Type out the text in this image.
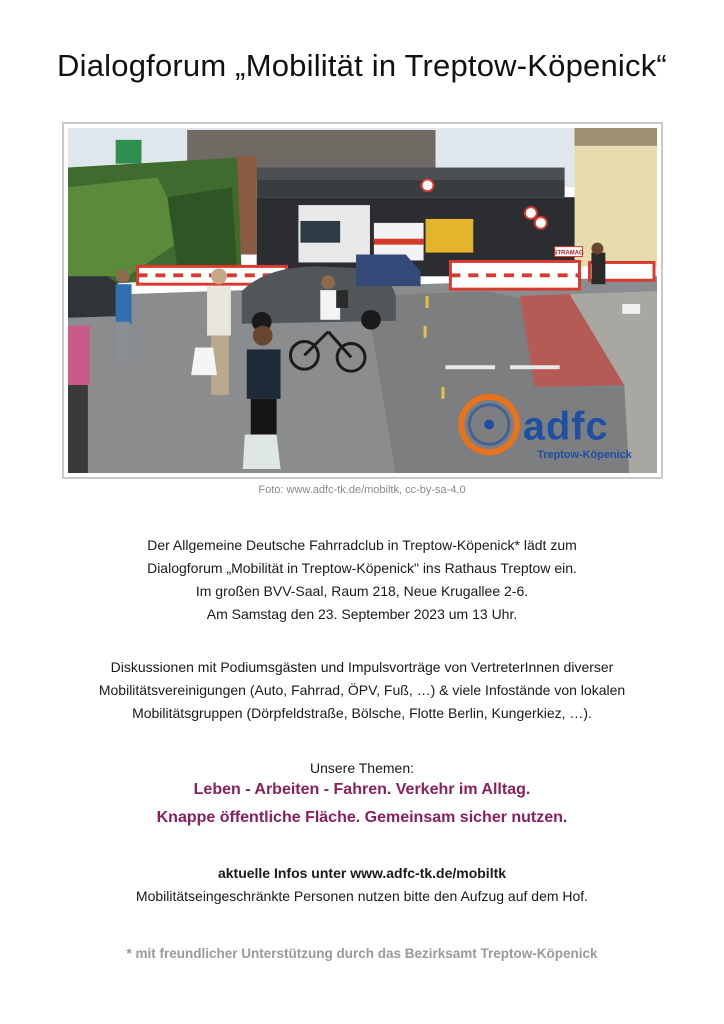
Dialogforum „Mobilität in Treptow-Köpenick“
STRAMAG
adfc
Treptow-Köpenick
Foto: www.adfc-tk.de/mobiltk, cc-by-sa-4.0

Der Allgemeine Deutsche Fahrradclub in Treptow-Köpenick* lädt zum

Dialogforum „Mobilität in Treptow-Köpenick" ins Rathaus Treptow ein.

Im großen BVV-Saal, Raum 218, Neue Krugallee 2-6.

Am Samstag den 23. September 2023 um 13 Uhr.

Diskussionen mit Podiumsgästen und Impulsvorträge von VertreterInnen diverser

Mobilitätsvereinigungen (Auto, Fahrrad, ÖPV, Fuß, …) & viele Infostände von lokalen

Mobilitätsgruppen (Dörpfeldstraße, Bölsche, Flotte Berlin, Kungerkiez, …).

Unsere Themen:

Leben - Arbeiten - Fahren. Verkehr im Alltag.

Knappe öffentliche Fläche. Gemeinsam sicher nutzen.

aktuelle Infos unter www.adfc-tk.de/mobiltk

Mobilitätseingeschränkte Personen nutzen bitte den Aufzug auf dem Hof.

* mit freundlicher Unterstützung durch das Bezirksamt Treptow-Köpenick
